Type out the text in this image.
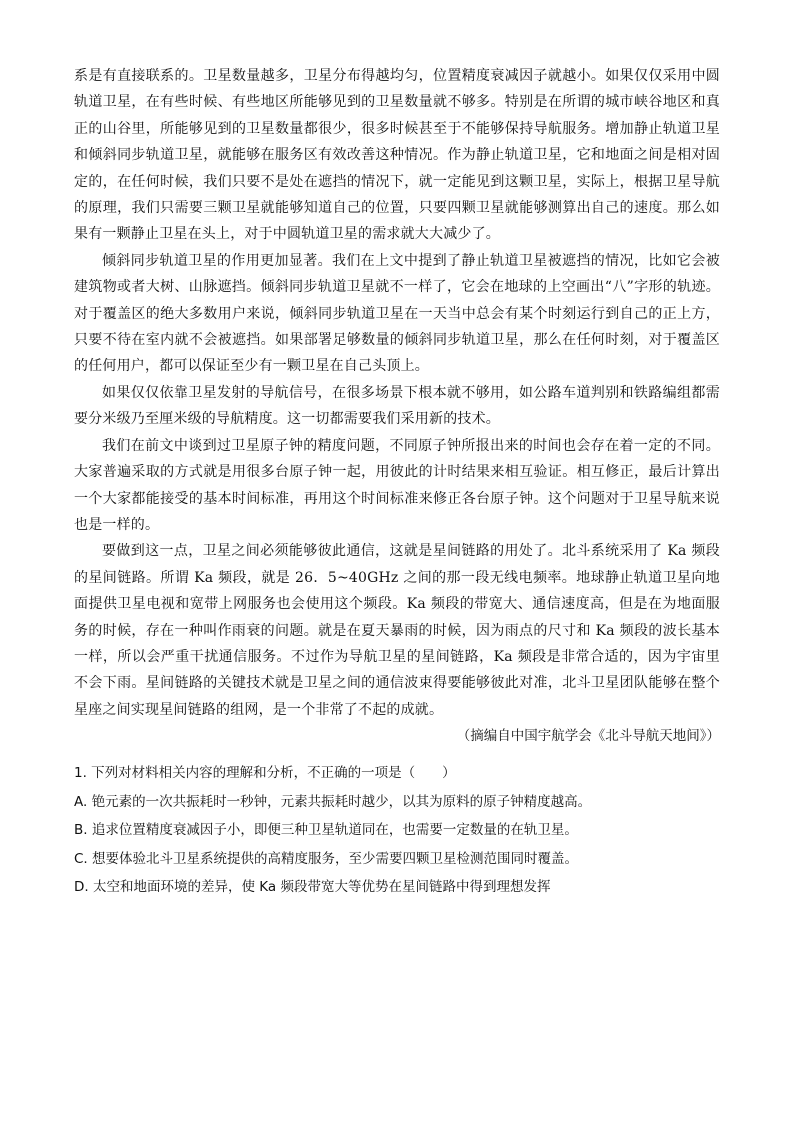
系是有直接联系的。卫星数量越多，卫星分布得越均匀，位置精度衰减因子就越小。如果仅仅采用中圆轨道卫星，在有些时候、有些地区所能够见到的卫星数量就不够多。特别是在所谓的城市峡谷地区和真正的山谷里，所能够见到的卫星数量都很少，很多时候甚至于不能够保持导航服务。增加静止轨道卫星和倾斜同步轨道卫星，就能够在服务区有效改善这种情况。作为静止轨道卫星，它和地面之间是相对固定的，在任何时候，我们只要不是处在遮挡的情况下，就一定能见到这颗卫星，实际上，根据卫星导航的原理，我们只需要三颗卫星就能够知道自己的位置，只要四颗卫星就能够测算出自己的速度。那么如果有一颗静止卫星在头上，对于中圆轨道卫星的需求就大大减少了。

倾斜同步轨道卫星的作用更加显著。我们在上文中提到了静止轨道卫星被遮挡的情况，比如它会被建筑物或者大树、山脉遮挡。倾斜同步轨道卫星就不一样了，它会在地球的上空画出“八”字形的轨迹。对于覆盖区的绝大多数用户来说，倾斜同步轨道卫星在一天当中总会有某个时刻运行到自己的正上方，只要不待在室内就不会被遮挡。如果部署足够数量的倾斜同步轨道卫星，那么在任何时刻，对于覆盖区的任何用户，都可以保证至少有一颗卫星在自己头顶上。

如果仅仅依靠卫星发射的导航信号，在很多场景下根本就不够用，如公路车道判别和铁路编组都需要分米级乃至厘米级的导航精度。这一切都需要我们采用新的技术。

我们在前文中谈到过卫星原子钟的精度问题，不同原子钟所报出来的时间也会存在着一定的不同。大家普遍采取的方式就是用很多台原子钟一起，用彼此的计时结果来相互验证。相互修正，最后计算出一个大家都能接受的基本时间标准，再用这个时间标准来修正各台原子钟。这个问题对于卫星导航来说也是一样的。

要做到这一点，卫星之间必须能够彼此通信，这就是星间链路的用处了。北斗系统采用了 Ka 频段的星间链路。所谓 Ka 频段，就是 26．5~40GHz 之间的那一段无线电频率。地球静止轨道卫星向地面提供卫星电视和宽带上网服务也会使用这个频段。Ka 频段的带宽大、通信速度高，但是在为地面服务的时候，存在一种叫作雨衰的问题。就是在夏天暴雨的时候，因为雨点的尺寸和 Ka 频段的波长基本一样，所以会严重干扰通信服务。不过作为导航卫星的星间链路，Ka 频段是非常合适的，因为宇宙里不会下雨。星间链路的关键技术就是卫星之间的通信波束得要能够彼此对准，北斗卫星团队能够在整个星座之间实现星间链路的组网，是一个非常了不起的成就。

（摘编自中国宇航学会《北斗导航天地间》）

1. 下列对材料相关内容的理解和分析，不正确的一项是（　　）

A. 铯元素的一次共振耗时一秒钟，元素共振耗时越少，以其为原料的原子钟精度越高。

B. 追求位置精度衰减因子小，即便三种卫星轨道同在，也需要一定数量的在轨卫星。

C. 想要体验北斗卫星系统提供的高精度服务，至少需要四颗卫星检测范围同时覆盖。

D. 太空和地面环境的差异，使 Ka 频段带宽大等优势在星间链路中得到理想发挥
